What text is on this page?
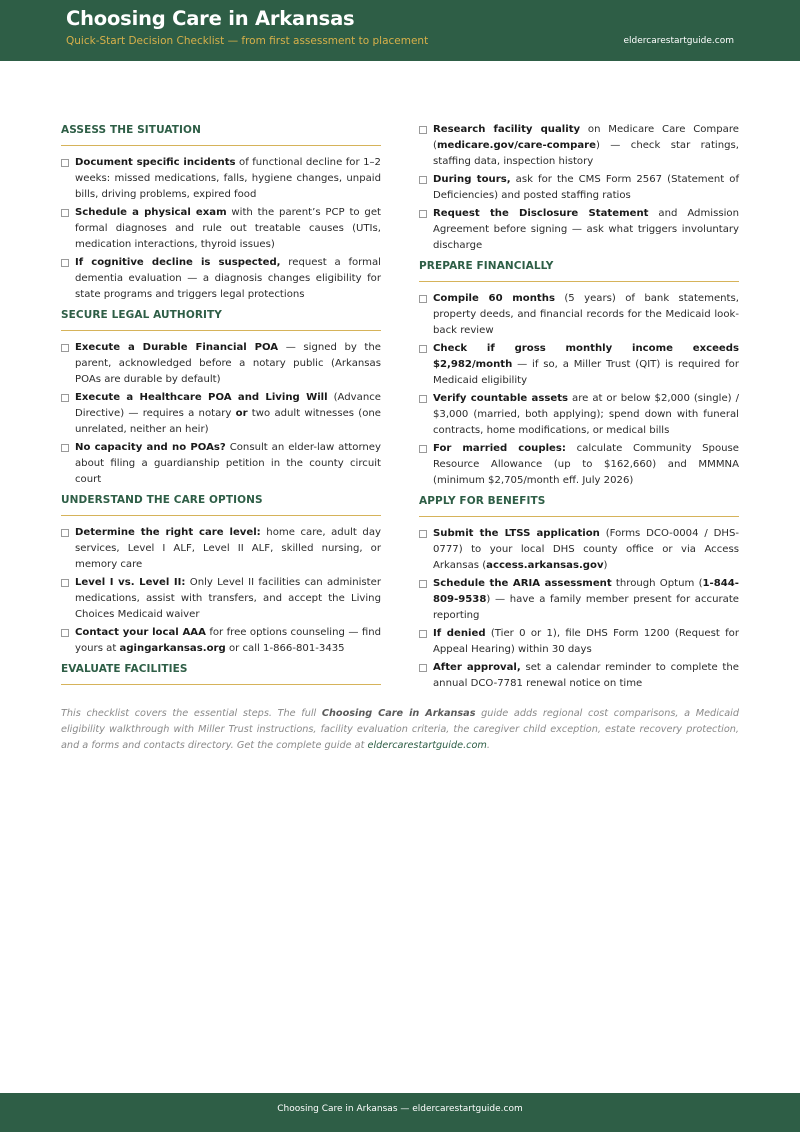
Choosing Care in Arkansas
Quick-Start Decision Checklist — from first assessment to placement	eldercarestartguide.com
ASSESS THE SITUATION
Document specific incidents of functional decline for 1–2 weeks: missed medications, falls, hygiene changes, unpaid bills, driving problems, expired food
Schedule a physical exam with the parent’s PCP to get formal diagnoses and rule out treatable causes (UTIs, medication interactions, thyroid issues)
If cognitive decline is suspected, request a formal dementia evaluation — a diagnosis changes eligibility for state programs and triggers legal protections
SECURE LEGAL AUTHORITY
Execute a Durable Financial POA — signed by the parent, acknowledged before a notary public (Arkansas POAs are durable by default)
Execute a Healthcare POA and Living Will (Advance Directive) — requires a notary or two adult witnesses (one unrelated, neither an heir)
No capacity and no POAs? Consult an elder-law attorney about filing a guardianship petition in the county circuit court
UNDERSTAND THE CARE OPTIONS
Determine the right care level: home care, adult day services, Level I ALF, Level II ALF, skilled nursing, or memory care
Level I vs. Level II: Only Level II facilities can administer medications, assist with transfers, and accept the Living Choices Medicaid waiver
Contact your local AAA for free options counseling — find yours at agingarkansas.org or call 1-866-801-3435
EVALUATE FACILITIES
Research facility quality on Medicare Care Compare (medicare.gov/care-compare) — check star ratings, staffing data, inspection history
During tours, ask for the CMS Form 2567 (Statement of Deficiencies) and posted staffing ratios
Request the Disclosure Statement and Admission Agreement before signing — ask what triggers involuntary discharge
PREPARE FINANCIALLY
Compile 60 months (5 years) of bank statements, property deeds, and financial records for the Medicaid look-back review
Check if gross monthly income exceeds $2,982/month — if so, a Miller Trust (QIT) is required for Medicaid eligibility
Verify countable assets are at or below $2,000 (single) / $3,000 (married, both applying); spend down with funeral contracts, home modifications, or medical bills
For married couples: calculate Community Spouse Resource Allowance (up to $162,660) and MMMNA (minimum $2,705/month eff. July 2026)
APPLY FOR BENEFITS
Submit the LTSS application (Forms DCO-0004 / DHS-0777) to your local DHS county office or via Access Arkansas (access.arkansas.gov)
Schedule the ARIA assessment through Optum (1-844-809-9538) — have a family member present for accurate reporting
If denied (Tier 0 or 1), file DHS Form 1200 (Request for Appeal Hearing) within 30 days
After approval, set a calendar reminder to complete the annual DCO-7781 renewal notice on time
This checklist covers the essential steps. The full Choosing Care in Arkansas guide adds regional cost comparisons, a Medicaid eligibility walkthrough with Miller Trust instructions, facility evaluation criteria, the caregiver child exception, estate recovery protection, and a forms and contacts directory. Get the complete guide at eldercarestartguide.com.
Choosing Care in Arkansas — eldercarestartguide.com
